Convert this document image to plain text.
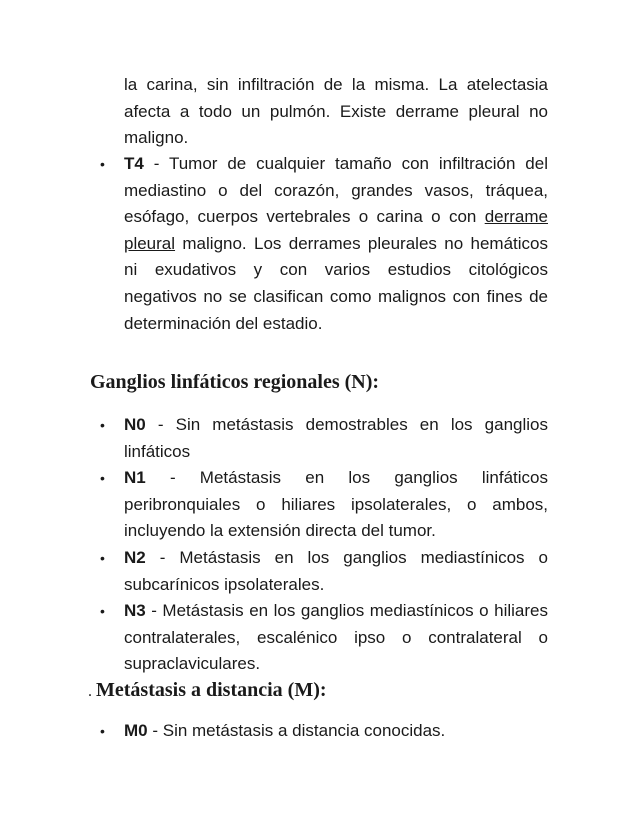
la carina, sin infiltración de la misma. La atelectasia afecta a todo un pulmón. Existe derrame pleural no maligno.

• T4 - Tumor de cualquier tamaño con infiltración del mediastino o del corazón, grandes vasos, tráquea, esófago, cuerpos vertebrales o carina o con derrame pleural maligno. Los derrames pleurales no hemáticos ni exudativos y con varios estudios citológicos negativos no se clasifican como malignos con fines de determinación del estadio.
Ganglios linfáticos regionales (N):
• N0 - Sin metástasis demostrables en los ganglios linfáticos
• N1 - Metástasis en los ganglios linfáticos peribronquiales o hiliares ipsolaterales, o ambos, incluyendo la extensión directa del tumor.
• N2 - Metástasis en los ganglios mediastínicos o subcarínicos ipsolaterales.
• N3 - Metástasis en los ganglios mediastínicos o hiliares contralaterales, escalénico ipso o contralateral o supraclaviculares.
. Metástasis a distancia (M):
• M0 - Sin metástasis a distancia conocidas.
